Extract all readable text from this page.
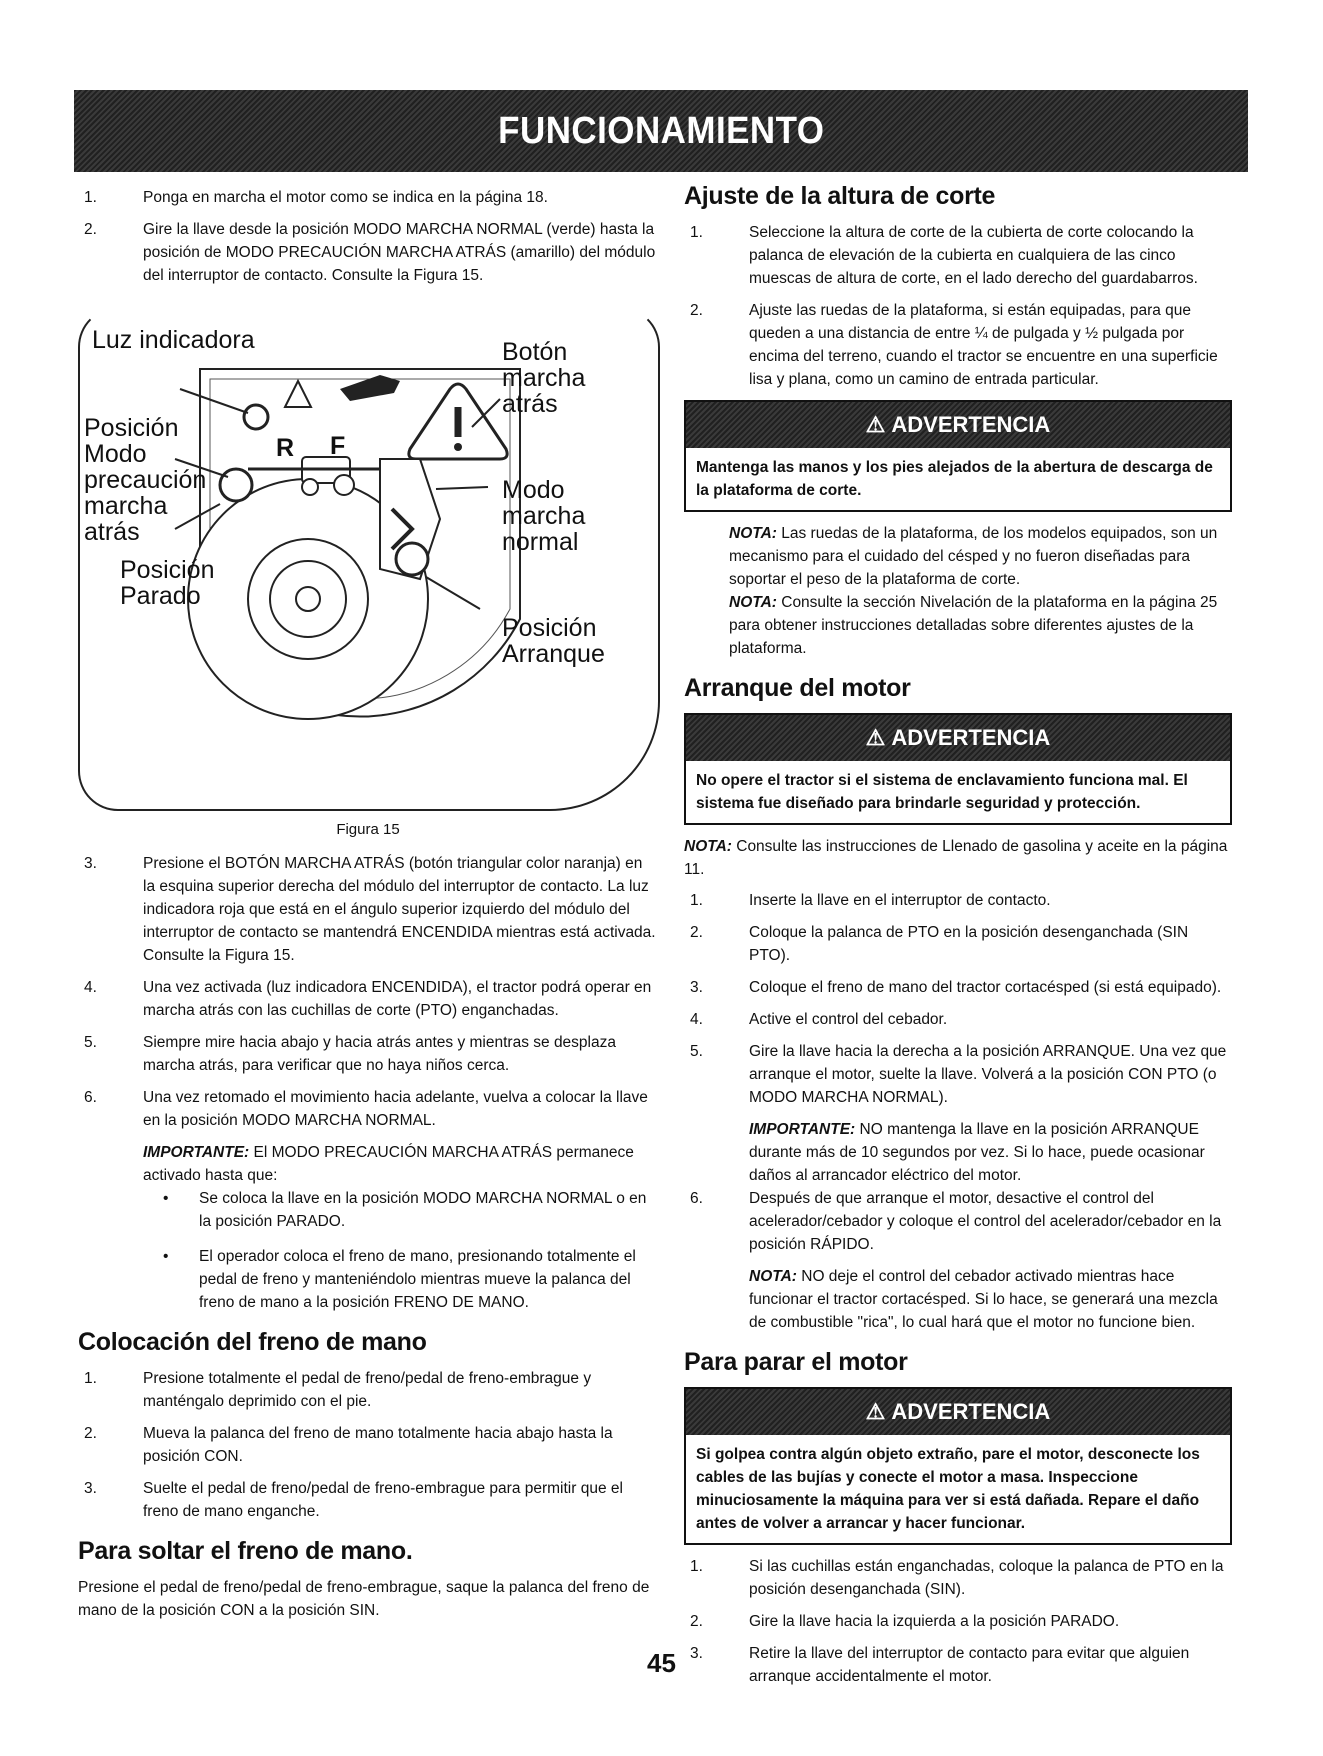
FUNCIONAMIENTO
1.	Ponga en marcha el motor como se indica en la página 18.
2.	Gire la llave desde la posición MODO MARCHA NORMAL (verde) hasta la posición de MODO PRECAUCIÓN MARCHA ATRÁS (amarillo) del módulo del interruptor de contacto. Consulte la Figura 15.
Luz indicadora
Posición Modo precaución marcha atrás
Posición Parado
Botón marcha atrás
Modo marcha normal
Posición Arranque
R F
Figura 15
3.	Presione el BOTÓN MARCHA ATRÁS (botón triangular color naranja) en la esquina superior derecha del módulo del interruptor de contacto. La luz indicadora roja que está en el ángulo superior izquierdo del módulo del interruptor de contacto se mantendrá ENCENDIDA mientras está activada. Consulte la Figura 15.
4.	Una vez activada (luz indicadora ENCENDIDA), el tractor podrá operar en marcha atrás con las cuchillas de corte (PTO) enganchadas.
5.	Siempre mire hacia abajo y hacia atrás antes y mientras se desplaza marcha atrás, para verificar que no haya niños cerca.
6.	Una vez retomado el movimiento hacia adelante, vuelva a colocar la llave en la posición MODO MARCHA NORMAL.

IMPORTANTE: El MODO PRECAUCIÓN MARCHA ATRÁS permanece activado hasta que:

• Se coloca la llave en la posición MODO MARCHA NORMAL o en la posición PARADO.
• El operador coloca el freno de mano, presionando totalmente el pedal de freno y manteniéndolo mientras mueve la palanca del freno de mano a la posición FRENO DE MANO.
Colocación del freno de mano
1.	Presione totalmente el pedal de freno/pedal de freno-embrague y manténgalo deprimido con el pie.
2.	Mueva la palanca del freno de mano totalmente hacia abajo hasta la posición CON.
3.	Suelte el pedal de freno/pedal de freno-embrague para permitir que el freno de mano enganche.
Para soltar el freno de mano.

Presione el pedal de freno/pedal de freno-embrague, saque la palanca del freno de mano de la posición CON a la posición SIN.

Ajuste de la altura de corte
1.	Seleccione la altura de corte de la cubierta de corte colocando la palanca de elevación de la cubierta en cualquiera de las cinco muescas de altura de corte, en el lado derecho del guardabarros.
2.	Ajuste las ruedas de la plataforma, si están equipadas, para que queden a una distancia de entre ¼ de pulgada y ½ pulgada por encima del terreno, cuando el tractor se encuentre en una superficie lisa y plana, como un camino de entrada particular.
⚠ ADVERTENCIA
Mantenga las manos y los pies alejados de la abertura de descarga de la plataforma de corte.

NOTA: Las ruedas de la plataforma, de los modelos equipados, son un mecanismo para el cuidado del césped y no fueron diseñadas para soportar el peso de la plataforma de corte.

NOTA: Consulte la sección Nivelación de la plataforma en la página 25 para obtener instrucciones detalladas sobre diferentes ajustes de la plataforma.

Arranque del motor
⚠ ADVERTENCIA
No opere el tractor si el sistema de enclavamiento funciona mal. El sistema fue diseñado para brindarle seguridad y protección.

NOTA: Consulte las instrucciones de Llenado de gasolina y aceite en la página 11.

1.	Inserte la llave en el interruptor de contacto.
2.	Coloque la palanca de PTO en la posición desenganchada (SIN PTO).
3.	Coloque el freno de mano del tractor cortacésped (si está equipado).
4.	Active el control del cebador.
5.	Gire la llave hacia la derecha a la posición ARRANQUE. Una vez que arranque el motor, suelte la llave. Volverá a la posición CON PTO (o MODO MARCHA NORMAL).

IMPORTANTE: NO mantenga la llave en la posición ARRANQUE durante más de 10 segundos por vez. Si lo hace, puede ocasionar daños al arrancador eléctrico del motor.

6.	Después de que arranque el motor, desactive el control del acelerador/cebador y coloque el control del acelerador/cebador en la posición RÁPIDO.

NOTA: NO deje el control del cebador activado mientras hace funcionar el tractor cortacésped. Si lo hace, se generará una mezcla de combustible "rica", lo cual hará que el motor no funcione bien.

Para parar el motor
⚠ ADVERTENCIA
Si golpea contra algún objeto extraño, pare el motor, desconecte los cables de las bujías y conecte el motor a masa. Inspeccione minuciosamente la máquina para ver si está dañada. Repare el daño antes de volver a arrancar y hacer funcionar.
1.	Si las cuchillas están enganchadas, coloque la palanca de PTO en la posición desenganchada (SIN).
2.	Gire la llave hacia la izquierda a la posición PARADO.
3.	Retire la llave del interruptor de contacto para evitar que alguien arranque accidentalmente el motor.
45
